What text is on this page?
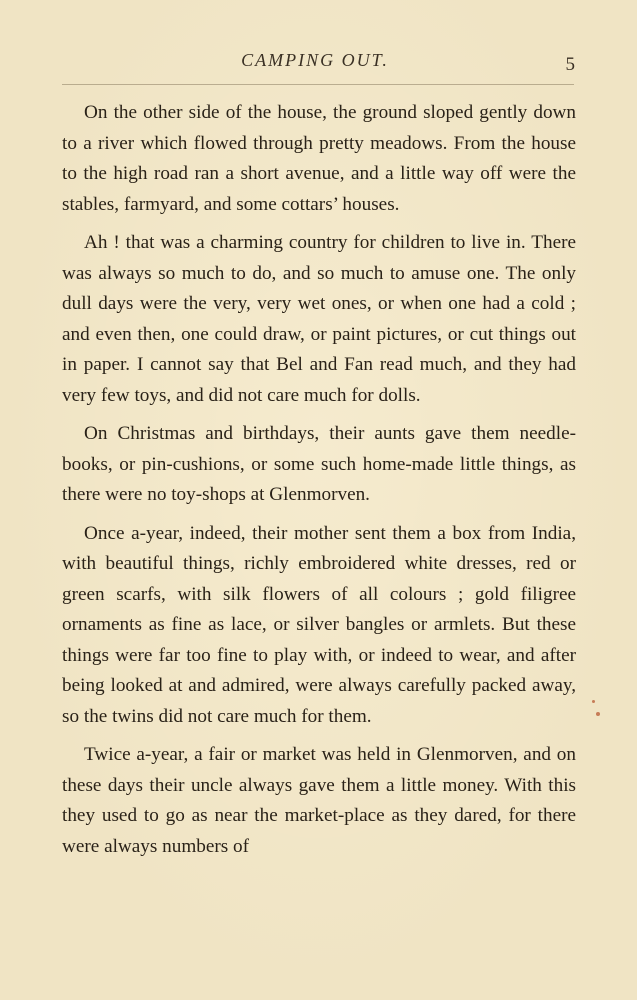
CAMPING OUT.	5

On the other side of the house, the ground sloped gently down to a river which flowed through pretty meadows. From the house to the high road ran a short avenue, and a little way off were the stables, farmyard, and some cottars’ houses.

Ah ! that was a charming country for children to live in. There was always so much to do, and so much to amuse one. The only dull days were the very, very wet ones, or when one had a cold ; and even then, one could draw, or paint pictures, or cut things out in paper. I cannot say that Bel and Fan read much, and they had very few toys, and did not care much for dolls.

On Christmas and birthdays, their aunts gave them needle-books, or pin-cushions, or some such home-made little things, as there were no toy-shops at Glenmorven.

Once a-year, indeed, their mother sent them a box from India, with beautiful things, richly embroidered white dresses, red or green scarfs, with silk flowers of all colours ; gold filigree ornaments as fine as lace, or silver bangles or armlets. But these things were far too fine to play with, or indeed to wear, and after being looked at and admired, were always carefully packed away, so the twins did not care much for them.

Twice a-year, a fair or market was held in Glenmorven, and on these days their uncle always gave them a little money. With this they used to go as near the market-place as they dared, for there were always numbers of
